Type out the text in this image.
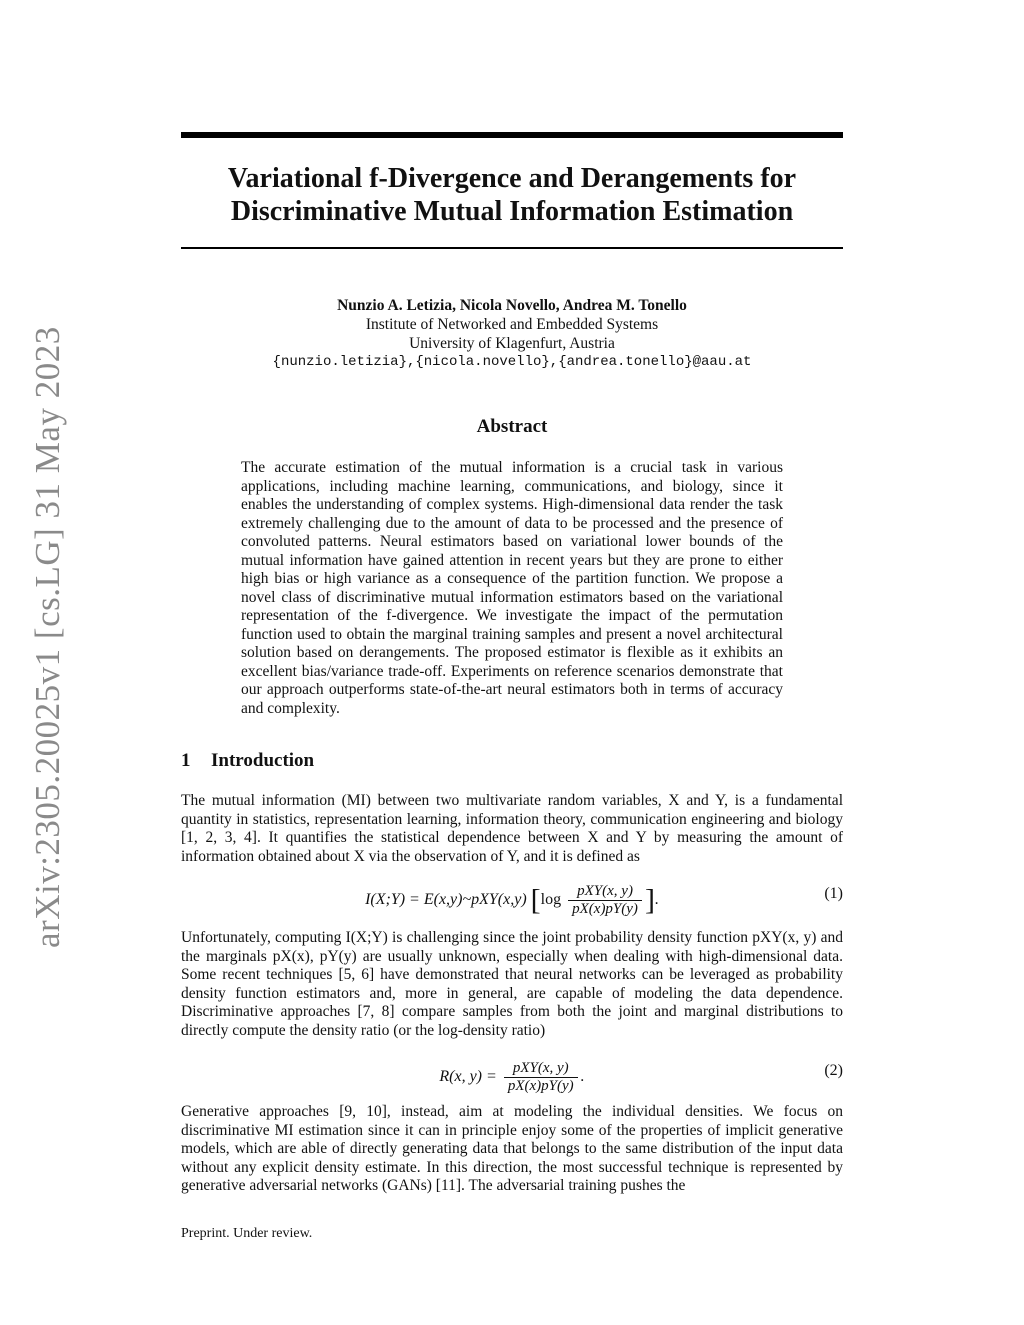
arXiv:2305.20025v1 [cs.LG] 31 May 2023
Variational f-Divergence and Derangements for
Discriminative Mutual Information Estimation
Nunzio A. Letizia, Nicola Novello, Andrea M. Tonello
Institute of Networked and Embedded Systems
University of Klagenfurt, Austria
{nunzio.letizia},{nicola.novello},{andrea.tonello}@aau.at
Abstract
The accurate estimation of the mutual information is a crucial task in various applications, including machine learning, communications, and biology, since it enables the understanding of complex systems. High-dimensional data render the task extremely challenging due to the amount of data to be processed and the presence of convoluted patterns. Neural estimators based on variational lower bounds of the mutual information have gained attention in recent years but they are prone to either high bias or high variance as a consequence of the partition function. We propose a novel class of discriminative mutual information estimators based on the variational representation of the f-divergence. We investigate the impact of the permutation function used to obtain the marginal training samples and present a novel architectural solution based on derangements. The proposed estimator is flexible as it exhibits an excellent bias/variance trade-off. Experiments on reference scenarios demonstrate that our approach outperforms state-of-the-art neural estimators both in terms of accuracy and complexity.
1 Introduction
The mutual information (MI) between two multivariate random variables, X and Y, is a fundamental quantity in statistics, representation learning, information theory, communication engineering and biology [1, 2, 3, 4]. It quantifies the statistical dependence between X and Y by measuring the amount of information obtained about X via the observation of Y, and it is defined as
I(X;Y) = E(x,y)~pXY(x,y) [$\log \frac{\text{pXY(x, y)}}{pX(x)pY(y)}$ ].	(1)
Unfortunately, computing I(X;Y) is challenging since the joint probability density function pXY(x, y) and the marginals pX(x), pY(y) are usually unknown, especially when dealing with high-dimensional data. Some recent techniques [5, 6] have demonstrated that neural networks can be leveraged as probability density function estimators and, more in general, are capable of modeling the data dependence. Discriminative approaches [7, 8] compare samples from both the joint and marginal distributions to directly compute the density ratio (or the log-density ratio)
R(x, $y) = \frac{\text{pXY(x, y)}}{pX(x)pY(y)}$ .	(2)
Generative approaches [9, 10], instead, aim at modeling the individual densities. We focus on discriminative MI estimation since it can in principle enjoy some of the properties of implicit generative models, which are able of directly generating data that belongs to the same distribution of the input data without any explicit density estimate. In this direction, the most successful technique is represented by generative adversarial networks (GANs) [11]. The adversarial training pushes the
Preprint. Under review.
